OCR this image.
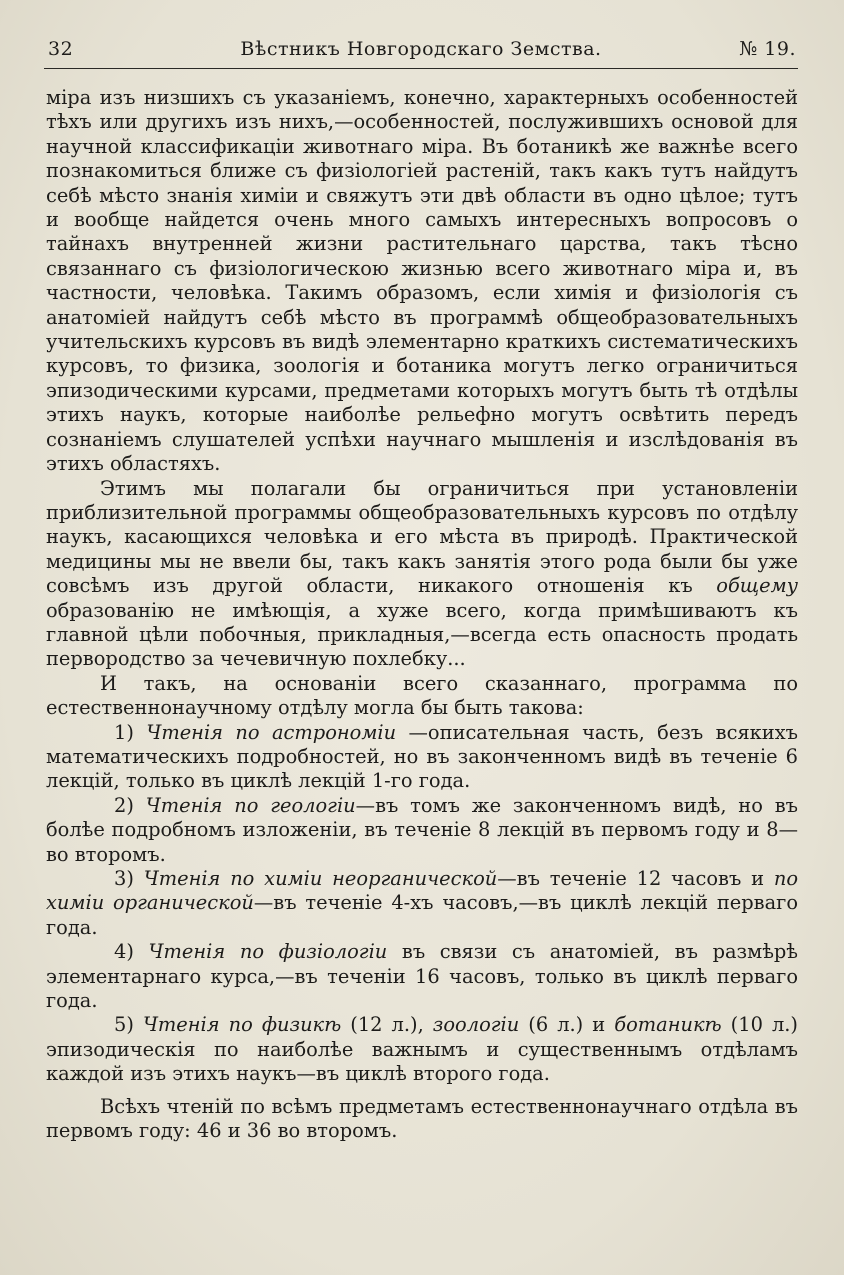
32	Вѣстникъ Новгородскаго Земства.	№ 19.

міра изъ низшихъ съ указаніемъ, конечно, характерныхъ особенностей тѣхъ или другихъ изъ нихъ,—особенностей, послужившихъ основой для научной классификаціи животнаго міра. Въ ботаникѣ же важнѣе всего познакомиться ближе съ физіологіей растеній, такъ какъ тутъ найдутъ себѣ мѣсто знанія химіи и свяжутъ эти двѣ области въ одно цѣлое; тутъ и вообще найдется очень много самыхъ интересныхъ вопросовъ о тайнахъ внутренней жизни растительнаго царства, такъ тѣсно связаннаго съ физіологическою жизнью всего животнаго міра и, въ частности, человѣка. Такимъ образомъ, если химія и физіологія съ анатоміей найдутъ себѣ мѣсто въ программѣ общеобразовательныхъ учительскихъ курсовъ въ видѣ элементарно краткихъ систематическихъ курсовъ, то физика, зоологія и ботаника могутъ легко ограничиться эпизодическими курсами, предметами которыхъ могутъ быть тѣ отдѣлы этихъ наукъ, которые наиболѣе рельефно могутъ освѣтить передъ сознаніемъ слушателей успѣхи научнаго мышленія и изслѣдованія въ этихъ областяхъ.

Этимъ мы полагали бы ограничиться при установленіи приблизительной программы общеобразовательныхъ курсовъ по отдѣлу наукъ, касающихся человѣка и его мѣста въ природѣ. Практической медицины мы не ввели бы, такъ какъ занятія этого рода были бы уже совсѣмъ изъ другой области, никакого отношенія къ общему образованію не имѣющія, а хуже всего, когда примѣшиваютъ къ главной цѣли побочныя, прикладныя,—всегда есть опасность продать первородство за чечевичную похлебку...

И такъ, на основаніи всего сказаннаго, программа по естественнонаучному отдѣлу могла бы быть такова:

1) Чтенія по астрономіи —описательная часть, безъ всякихъ математическихъ подробностей, но въ законченномъ видѣ въ теченіе 6 лекцій, только въ циклѣ лекцій 1-го года.

2) Чтенія по геологіи—въ томъ же законченномъ видѣ, но въ болѣе подробномъ изложеніи, въ теченіе 8 лекцій въ первомъ году и 8—во второмъ.

3) Чтенія по химіи неорганической—въ теченіе 12 часовъ и по химіи органической—въ теченіе 4-хъ часовъ,—въ циклѣ лекцій перваго года.

4) Чтенія по физіологіи въ связи съ анатоміей, въ размѣрѣ элементарнаго курса,—въ теченіи 16 часовъ, только въ циклѣ перваго года.

5) Чтенія по физикѣ (12 л.), зоологіи (6 л.) и ботаникѣ (10 л.) эпизодическія по наиболѣе важнымъ и существеннымъ отдѣламъ каждой изъ этихъ наукъ—въ циклѣ второго года.

Всѣхъ чтеній по всѣмъ предметамъ естественнонаучнаго отдѣла въ первомъ году: 46 и 36 во второмъ.
